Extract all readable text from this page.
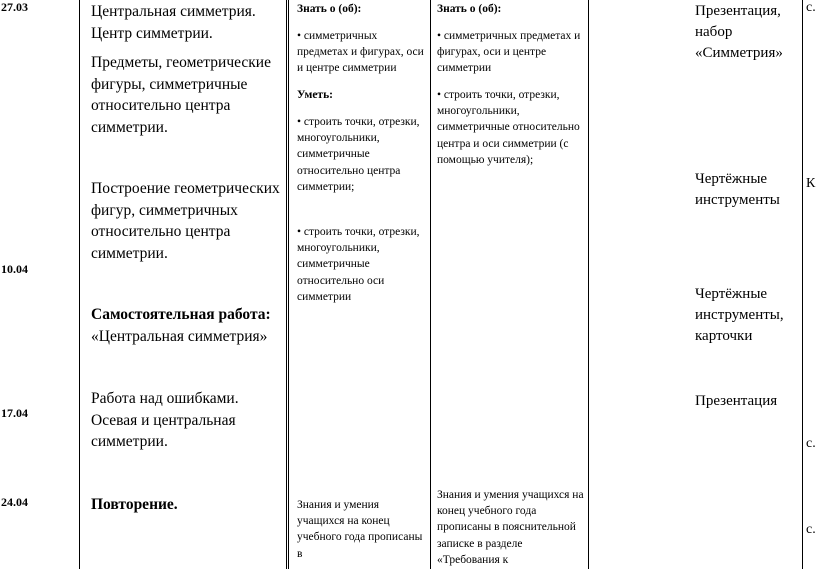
27.03
10.04
17.04
24.04
Центральная симметрия. Центр симметрии.
Предметы, геометрические фигуры, симметричные относительно центра симметрии.
Построение геометрических фигур, симметричных относительно центра симметрии.

Самостоятельная работа:

«Центральная симметрия»

Работа над ошибками. Осевая и центральная симметрии.
Повторение.
Знать о (об):
• симметричных предметах и фигурах, оси и центре симметрии
Уметь:
• строить точки, отрезки, многоугольники, симметричные относительно центра симметрии;
• строить точки, отрезки, многоугольники, симметричные относительно оси симметрии
Знания и умения учащихся на конец учебного года прописаны в
Знать о (об):
• симметричных предметах и фигурах, оси и центре симметрии
• строить точки, отрезки, многоугольники, симметричные относительно центра и оси симметрии (с помощью учителя);
Знания и умения учащихся на конец учебного года прописаны в пояснительной записке в разделе «Требования к
Презентация, набор «Симметрия»
Чертёжные инструменты
Чертёжные инструменты, карточки
Презентация
с.
К
с.
с.
